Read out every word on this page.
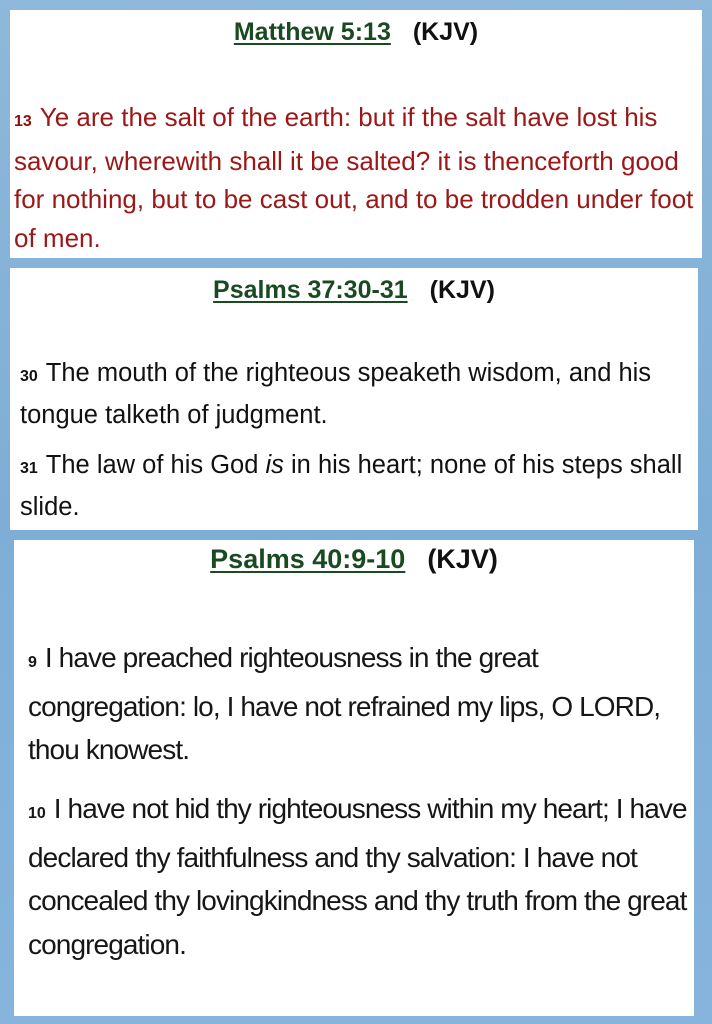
Matthew 5:13 (KJV)

13 Ye are the salt of the earth: but if the salt have lost his savour, wherewith shall it be salted? it is thenceforth good for nothing, but to be cast out, and to be trodden under foot of men.

Psalms 37:30-31 (KJV)

30 The mouth of the righteous speaketh wisdom, and his tongue talketh of judgment.

31 The law of his God is in his heart; none of his steps shall slide.

Psalms 40:9-10 (KJV)

9 I have preached righteousness in the great congregation: lo, I have not refrained my lips, O LORD, thou knowest.

10 I have not hid thy righteousness within my heart; I have declared thy faithfulness and thy salvation: I have not concealed thy lovingkindness and thy truth from the great congregation.
